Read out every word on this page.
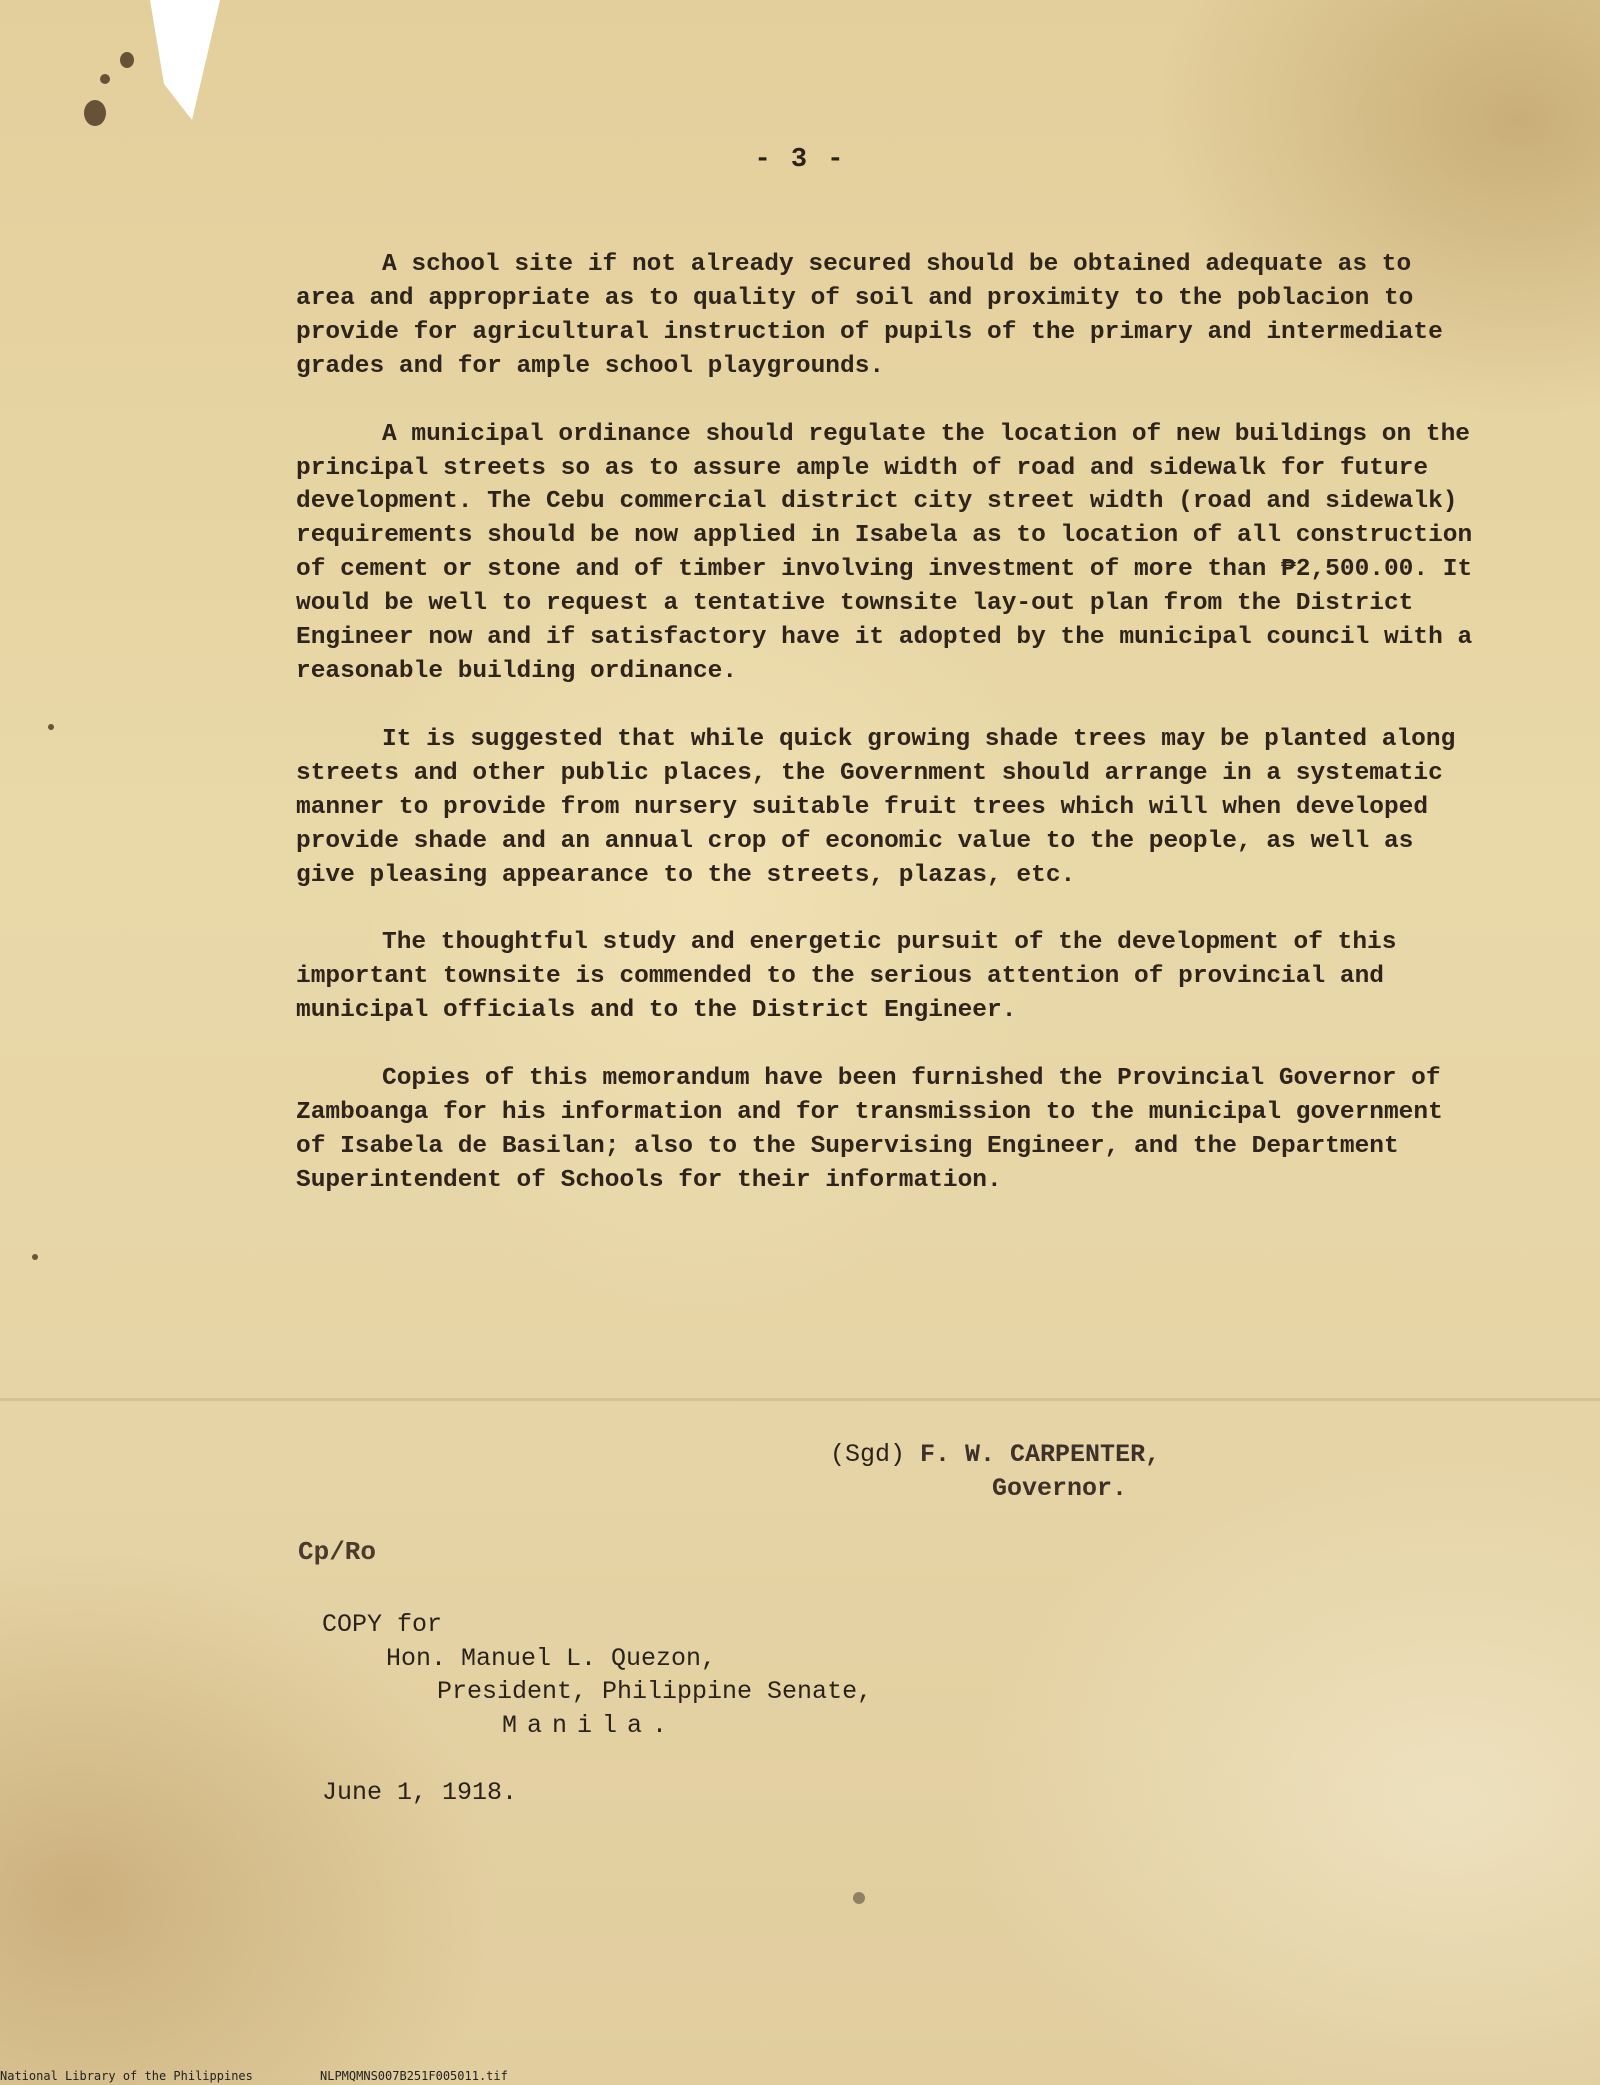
- 3 -

A school site if not already secured should be obtained adequate as to area and appropriate as to quality of soil and proximity to the poblacion to provide for agricultural instruction of pupils of the primary and intermediate grades and for ample school playgrounds.

A municipal ordinance should regulate the location of new buildings on the principal streets so as to assure ample width of road and sidewalk for future development. The Cebu commercial district city street width (road and sidewalk) requirements should be now applied in Isabela as to location of all construction of cement or stone and of timber involving investment of more than ₱2,500.00. It would be well to request a tentative townsite lay-out plan from the District Engineer now and if satisfactory have it adopted by the municipal council with a reasonable building ordinance.

It is suggested that while quick growing shade trees may be planted along streets and other public places, the Government should arrange in a systematic manner to provide from nursery suitable fruit trees which will when developed provide shade and an annual crop of economic value to the people, as well as give pleasing appearance to the streets, plazas, etc.

The thoughtful study and energetic pursuit of the development of this important townsite is commended to the serious attention of provincial and municipal officials and to the District Engineer.

Copies of this memorandum have been furnished the Provincial Governor of Zamboanga for his information and for transmission to the municipal government of Isabela de Basilan; also to the Supervising Engineer, and the Department Superintendent of Schools for their information.

(Sgd) F. W. CARPENTER,
Governor.
Cp/Ro
COPY for
Hon. Manuel L. Quezon,
President, Philippine Senate,
Manila.
June 1, 1918.
National Library of the Philippines	NLPMQMNS007B251F005011.tif
